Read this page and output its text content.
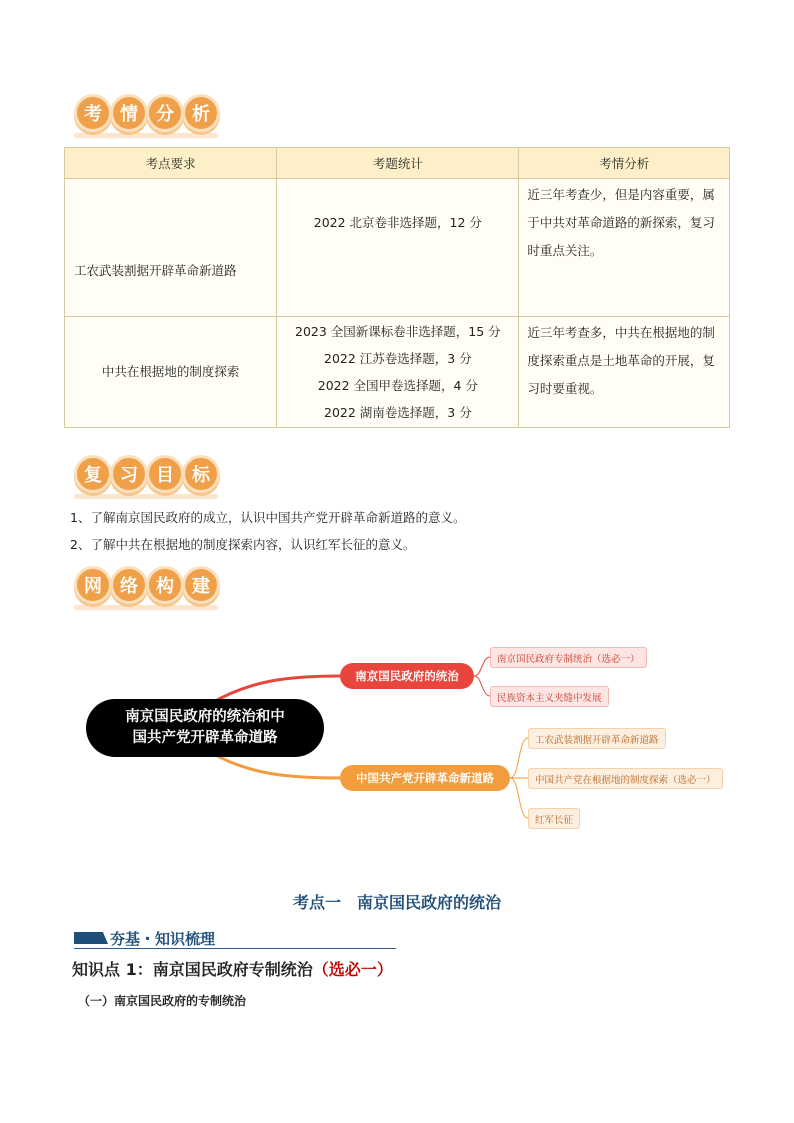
考	情	分	析
考点要求	考题统计	考情分析
工农武装割据开辟革命新道路	2022 北京卷非选择题，12 分	近三年考查少，但是内容重要，属于中共对革命道路的新探索，复习时重点关注。
中共在根据地的制度探索	2023 全国新课标卷非选择题，15 分
2022 江苏卷选择题，3 分
2022 全国甲卷选择题，4 分
2022 湖南卷选择题，3 分	近三年考查多，中共在根据地的制度探索重点是土地革命的开展，复习时要重视。
复	习	目	标
1、了解南京国民政府的成立，认识中国共产党开辟革命新道路的意义。
2、了解中共在根据地的制度探索内容，认识红军长征的意义。
网	络	构	建
南京国民政府的统治和中
国共产党开辟革命道路
南京国民政府的统治
中国共产党开辟革命新道路
南京国民政府专制统治（选必一）
民族资本主义夹缝中发展
工农武装割据开辟革命新道路
中国共产党在根据地的制度探索（选必一）
红军长征
考点一　南京国民政府的统治
夯基・知识梳理
知识点 1：南京国民政府专制统治（选必一）
（一）南京国民政府的专制统治
